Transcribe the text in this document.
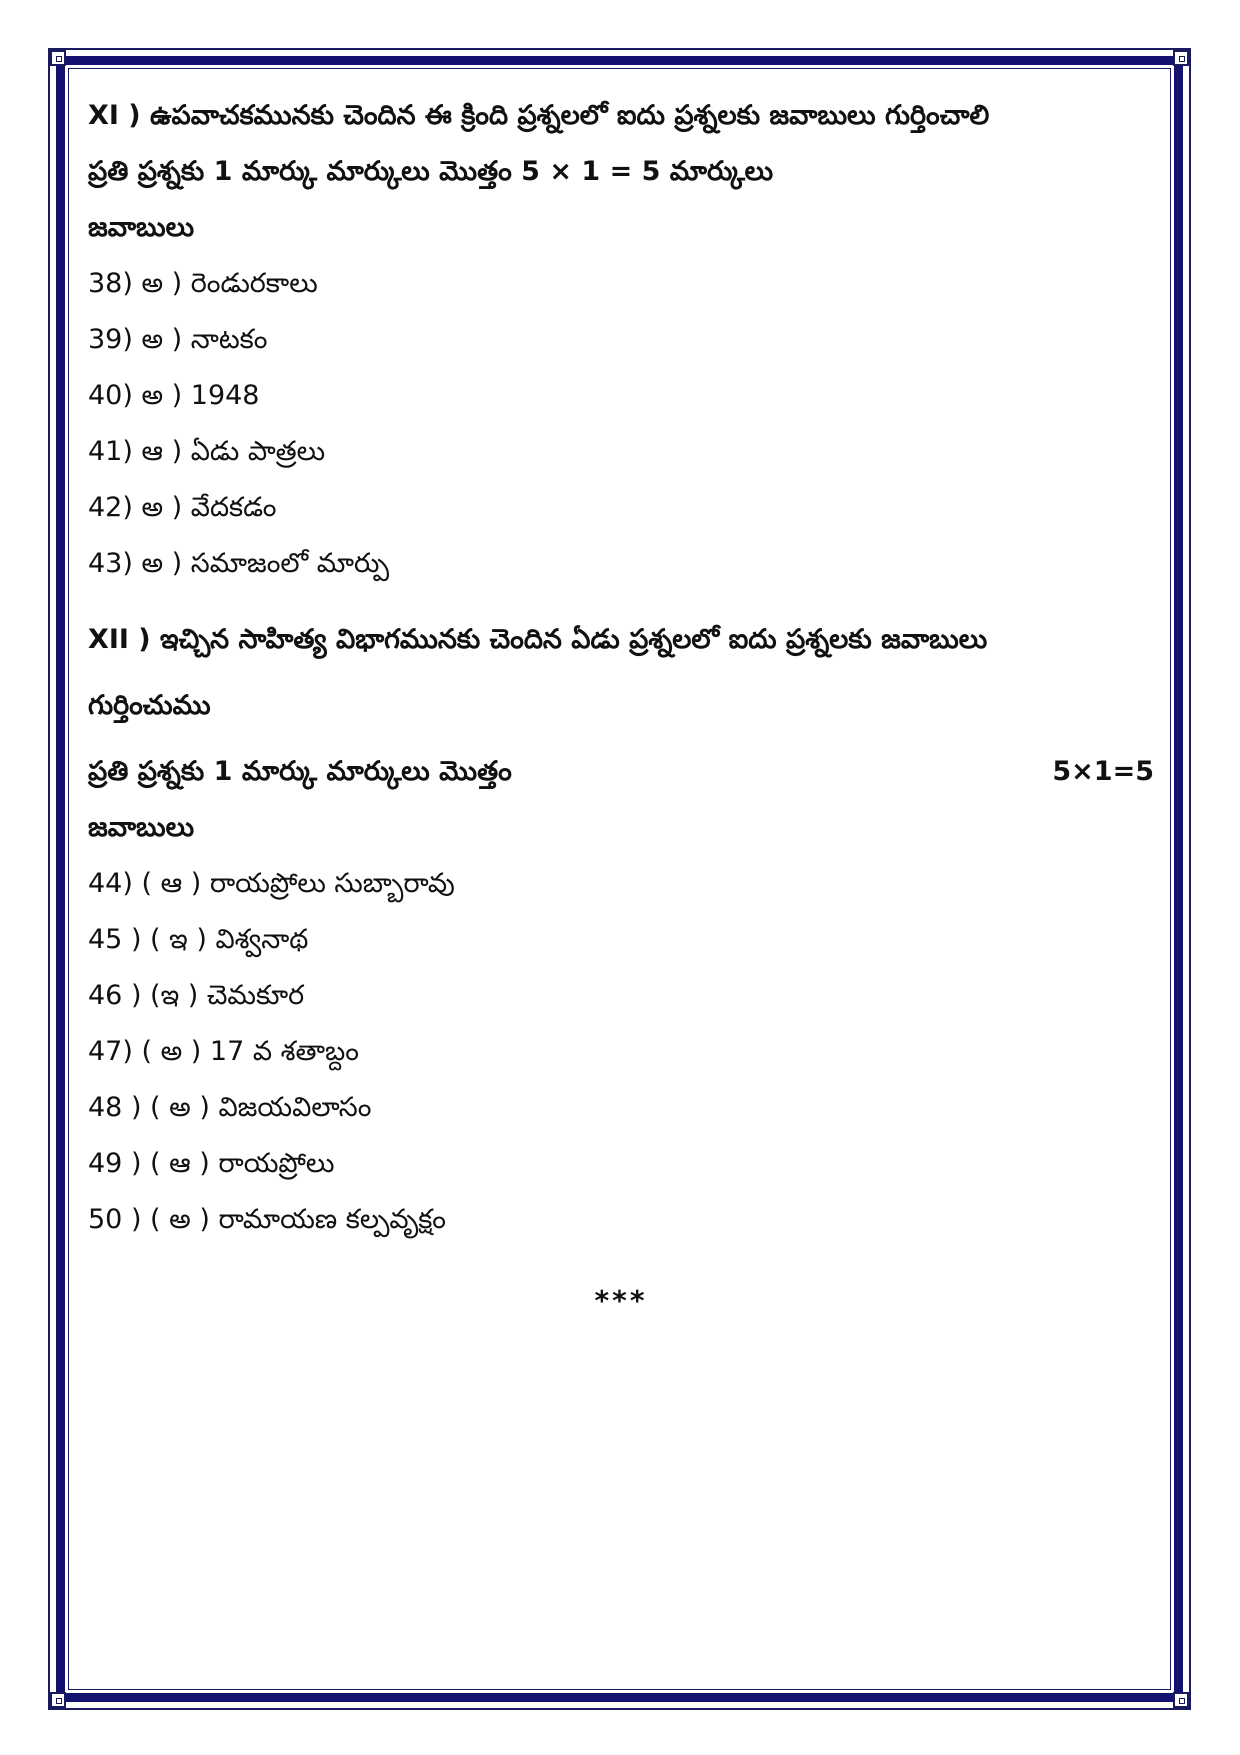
XI ) ఉపవాచకమునకు చెందిన ఈ క్రింది ప్రశ్నలలో ఐదు ప్రశ్నలకు జవాబులు గుర్తించాలి
ప్రతి ప్రశ్నకు 1 మార్కు మార్కులు మొత్తం 5 × 1 = 5 మార్కులు
జవాబులు
38) అ ) రెండురకాలు
39) అ ) నాటకం
40) అ ) 1948
41) ఆ ) ఏడు పాత్రలు
42) అ ) వేదకడం
43) అ ) సమాజంలో మార్పు
XII ) ఇచ్చిన సాహిత్య విభాగమునకు చెందిన ఏడు ప్రశ్నలలో ఐదు ప్రశ్నలకు జవాబులు
గుర్తించుము
ప్రతి ప్రశ్నకు 1 మార్కు మార్కులు మొత్తం	5×1=5
జవాబులు
44) ( ఆ ) రాయప్రోలు సుబ్బారావు
45 ) ( ఇ ) విశ్వనాథ
46 ) (ఇ ) చెమకూర
47) ( అ ) 17 వ శతాబ్దం
48 ) ( అ ) విజయవిలాసం
49 ) ( ఆ ) రాయప్రోలు
50 ) ( అ ) రామాయణ కల్పవృక్షం
***
